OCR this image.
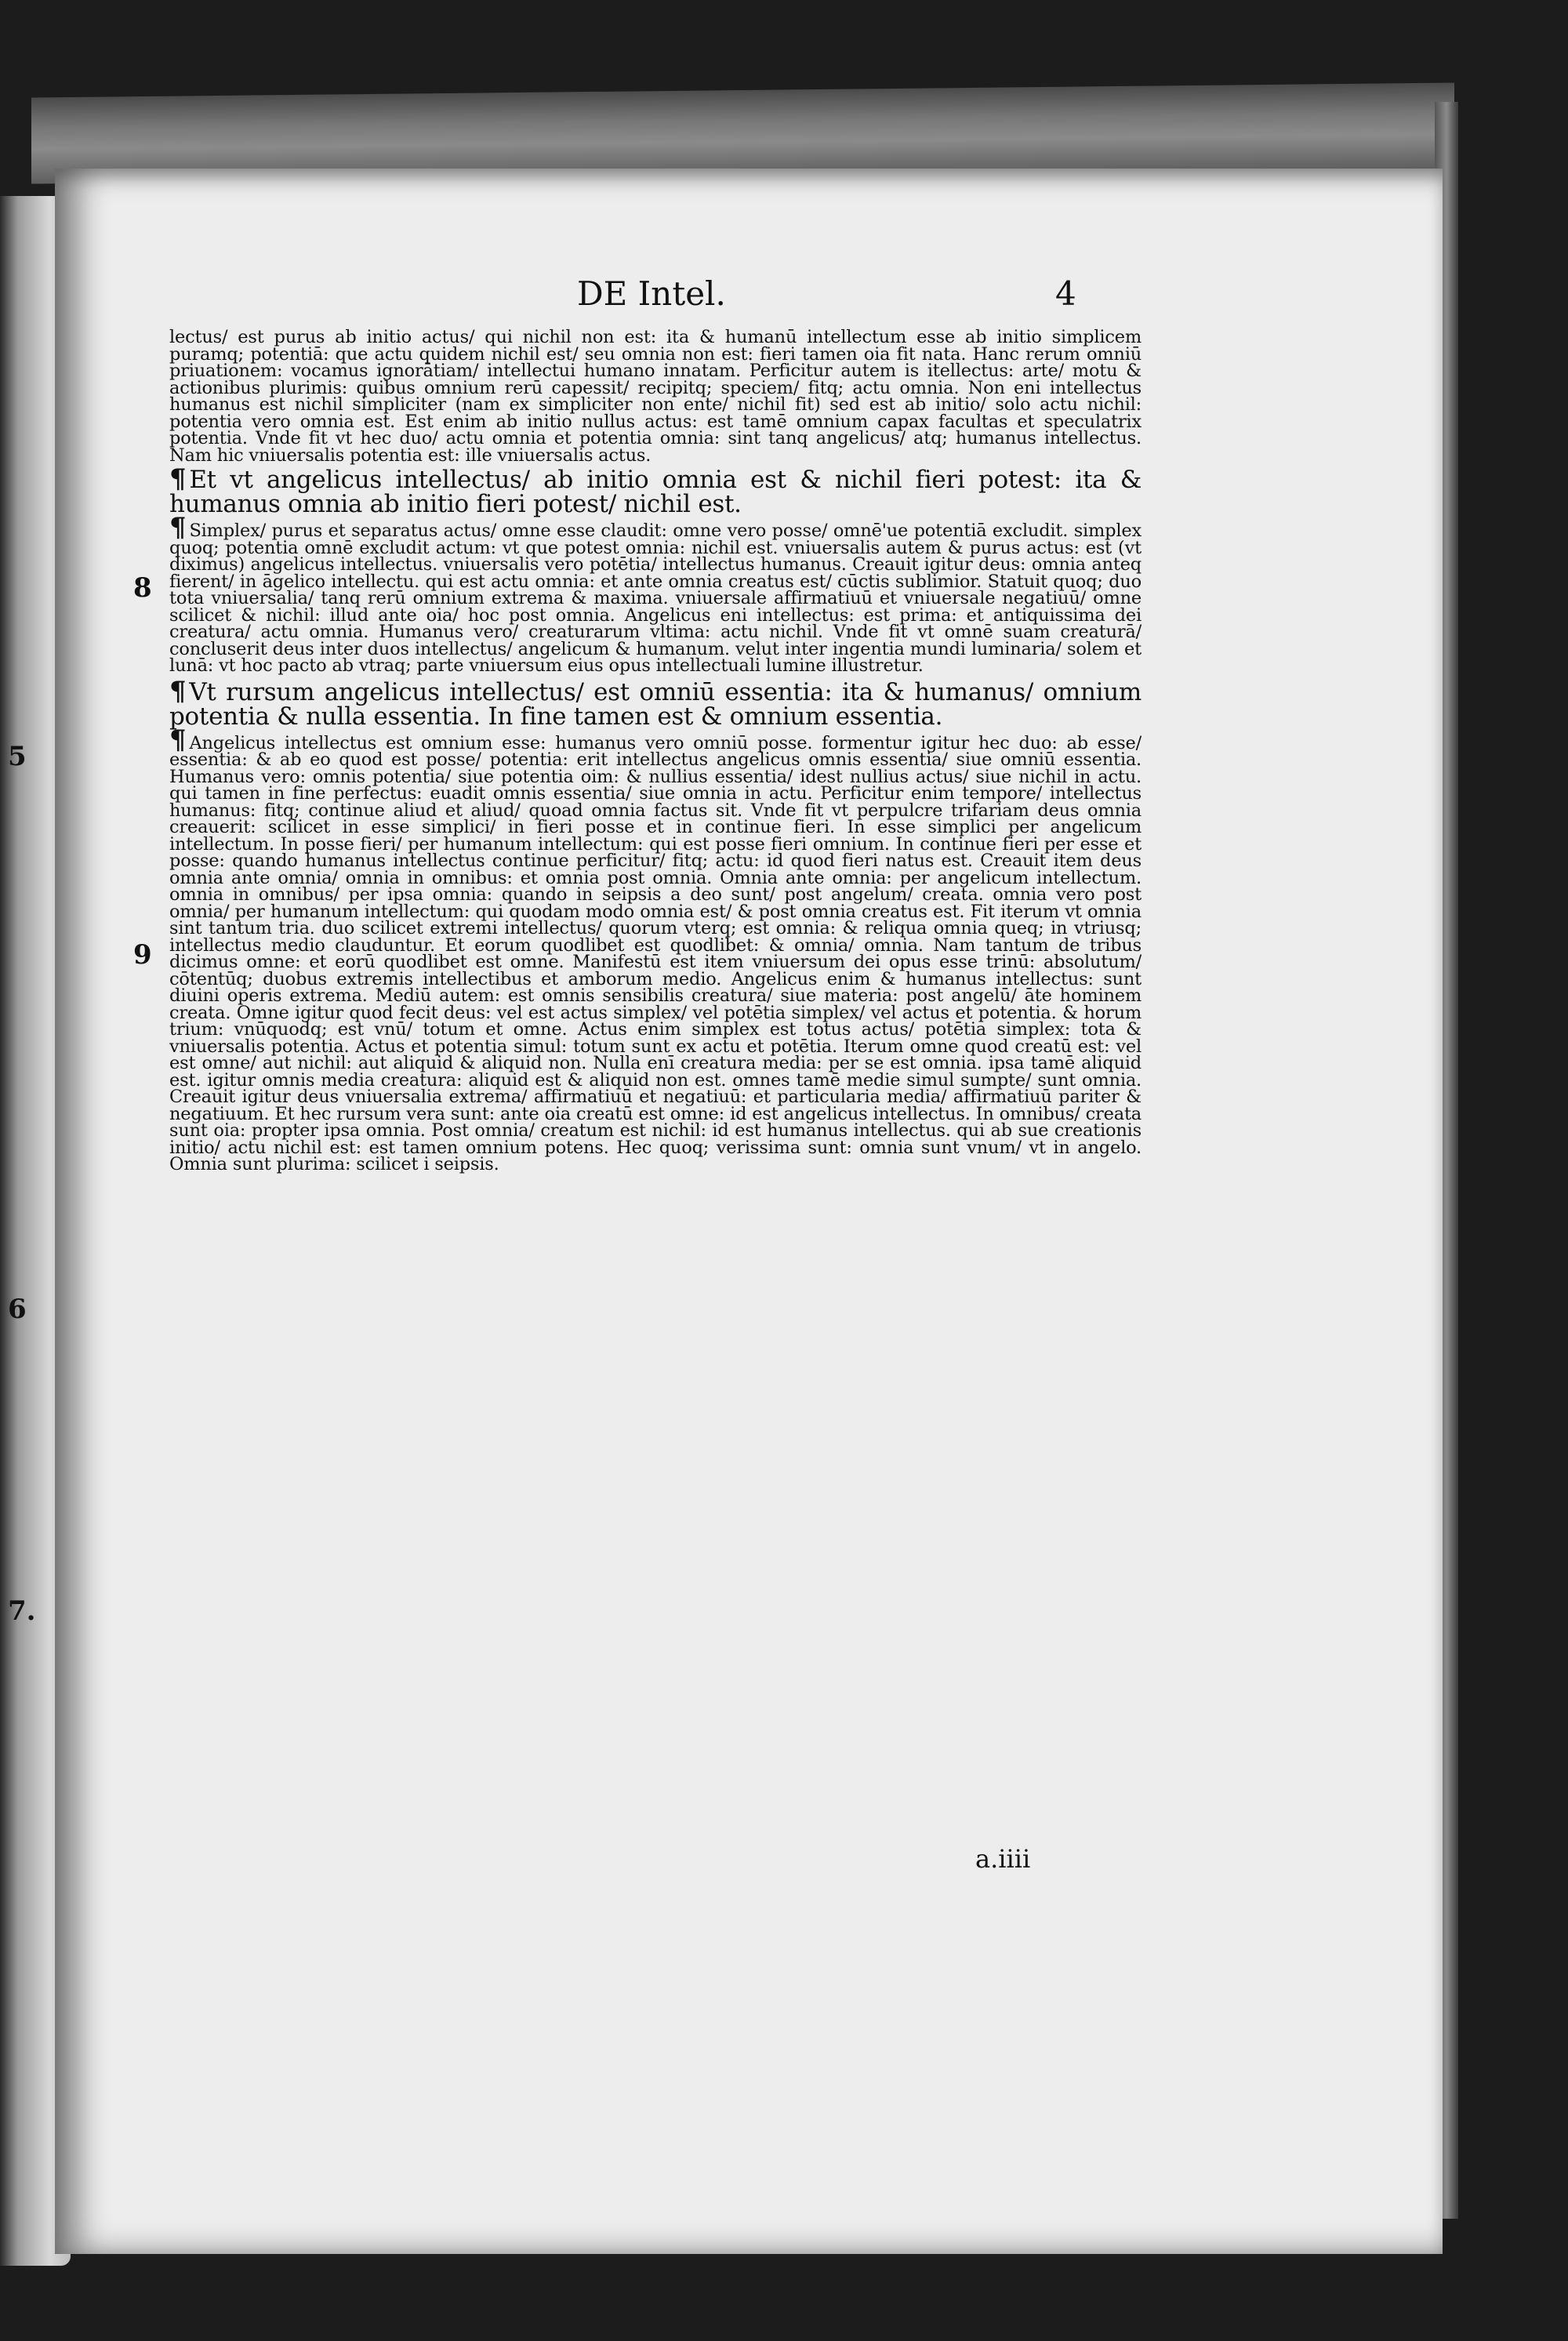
DE Intel.	4
8
5
9
6
7.

lectus/ est purus ab initio actus/ qui nichil non est: ita & humanū intellectum esse ab initio simplicem puramq; potentiā: que actu quidem nichil est/ seu omnia non est: fieri tamen oia fit nata. Hanc rerum omniū priuationem: vocamus ignorātiam/ intellectui humano innatam. Perficitur autem is itellectus: arte/ motu & actionibus plurimis: quibus omnium rerū capessit/ recipitq; speciem/ fitq; actu omnia. Non eni intellectus humanus est nichil simpliciter (nam ex simpliciter non ente/ nichil fit) sed est ab initio/ solo actu nichil: potentia vero omnia est. Est enim ab initio nullus actus: est tamē omnium capax facultas et speculatrix potentia. Vnde fit vt hec duo/ actu omnia et potentia omnia: sint tanq angelicus/ atq; humanus intellectus. Nam hic vniuersalis potentia est: ille vniuersalis actus.

¶ Et vt angelicus intellectus/ ab initio omnia est & nichil fieri potest: ita & humanus omnia ab initio fieri potest/ nichil est.

¶ Simplex/ purus et separatus actus/ omne esse claudit: omne vero posse/ omnē'ue potentiā excludit. simplex quoq; potentia omnē excludit actum: vt que potest omnia: nichil est. vniuersalis autem & purus actus: est (vt diximus) angelicus intellectus. vniuersalis vero potētia/ intellectus humanus. Creauit igitur deus: omnia anteq fierent/ in āgelico intellectu. qui est actu omnia: et ante omnia creatus est/ cūctis sublimior. Statuit quoq; duo tota vniuersalia/ tanq rerū omnium extrema & maxima. vniuersale affirmatiuū et vniuersale negatiuū/ omne scilicet & nichil: illud ante oia/ hoc post omnia. Angelicus eni intellectus: est prima: et antiquissima dei creatura/ actu omnia. Humanus vero/ creaturarum vltima: actu nichil. Vnde fit vt omnē suam creaturā/ concluserit deus inter duos intellectus/ angelicum & humanum. velut inter ingentia mundi luminaria/ solem et lunā: vt hoc pacto ab vtraq; parte vniuersum eius opus intellectuali lumine illustretur.

¶ Vt rursum angelicus intellectus/ est omniū essentia: ita & humanus/ omnium potentia & nulla essentia. In fine tamen est & omnium essentia.

¶ Angelicus intellectus est omnium esse: humanus vero omniū posse. formentur igitur hec duo: ab esse/ essentia: & ab eo quod est posse/ potentia: erit intellectus angelicus omnis essentia/ siue omniū essentia. Humanus vero: omnis potentia/ siue potentia oim: & nullius essentia/ idest nullius actus/ siue nichil in actu. qui tamen in fine perfectus: euadit omnis essentia/ siue omnia in actu. Perficitur enim tempore/ intellectus humanus: fitq; continue aliud et aliud/ quoad omnia factus sit. Vnde fit vt perpulcre trifariam deus omnia creauerit: scilicet in esse simplici/ in fieri posse et in continue fieri. In esse simplici per angelicum intellectum. In posse fieri/ per humanum intellectum: qui est posse fieri omnium. In continue fieri per esse et posse: quando humanus intellectus continue perficitur/ fitq; actu: id quod fieri natus est. Creauit item deus omnia ante omnia/ omnia in omnibus: et omnia post omnia. Omnia ante omnia: per angelicum intellectum. omnia in omnibus/ per ipsa omnia: quando in seipsis a deo sunt/ post angelum/ creata. omnia vero post omnia/ per humanum intellectum: qui quodam modo omnia est/ & post omnia creatus est. Fit iterum vt omnia sint tantum tria. duo scilicet extremi intellectus/ quorum vterq; est omnia: & reliqua omnia queq; in vtriusq; intellectus medio clauduntur. Et eorum quodlibet est quodlibet: & omnia/ omnia. Nam tantum de tribus dicimus omne: et eorū quodlibet est omne. Manifestū est item vniuersum dei opus esse trinū: absolutum/ cōtentūq; duobus extremis intellectibus et amborum medio. Angelicus enim & humanus intellectus: sunt diuini operis extrema. Mediū autem: est omnis sensibilis creatura/ siue materia: post angelū/ āte hominem creata. Omne igitur quod fecit deus: vel est actus simplex/ vel potētia simplex/ vel actus et potentia. & horum trium: vnūquodq; est vnū/ totum et omne. Actus enim simplex est totus actus/ potētia simplex: tota & vniuersalis potentia. Actus et potentia simul: totum sunt ex actu et potētia. Iterum omne quod creatū est: vel est omne/ aut nichil: aut aliquid & aliquid non. Nulla enī creatura media: per se est omnia. ipsa tamē aliquid est. igitur omnis media creatura: aliquid est & aliquid non est. omnes tamē medie simul sumpte/ sunt omnia. Creauit igitur deus vniuersalia extrema/ affirmatiuū et negatiuū: et particularia media/ affirmatiuū pariter & negatiuum. Et hec rursum vera sunt: ante oia creatū est omne: id est angelicus intellectus. In omnibus/ creata sunt oia: propter ipsa omnia. Post omnia/ creatum est nichil: id est humanus intellectus. qui ab sue creationis initio/ actu nichil est: est tamen omnium potens. Hec quoq; verissima sunt: omnia sunt vnum/ vt in angelo. Omnia sunt plurima: scilicet i seipsis.

a.iiii
